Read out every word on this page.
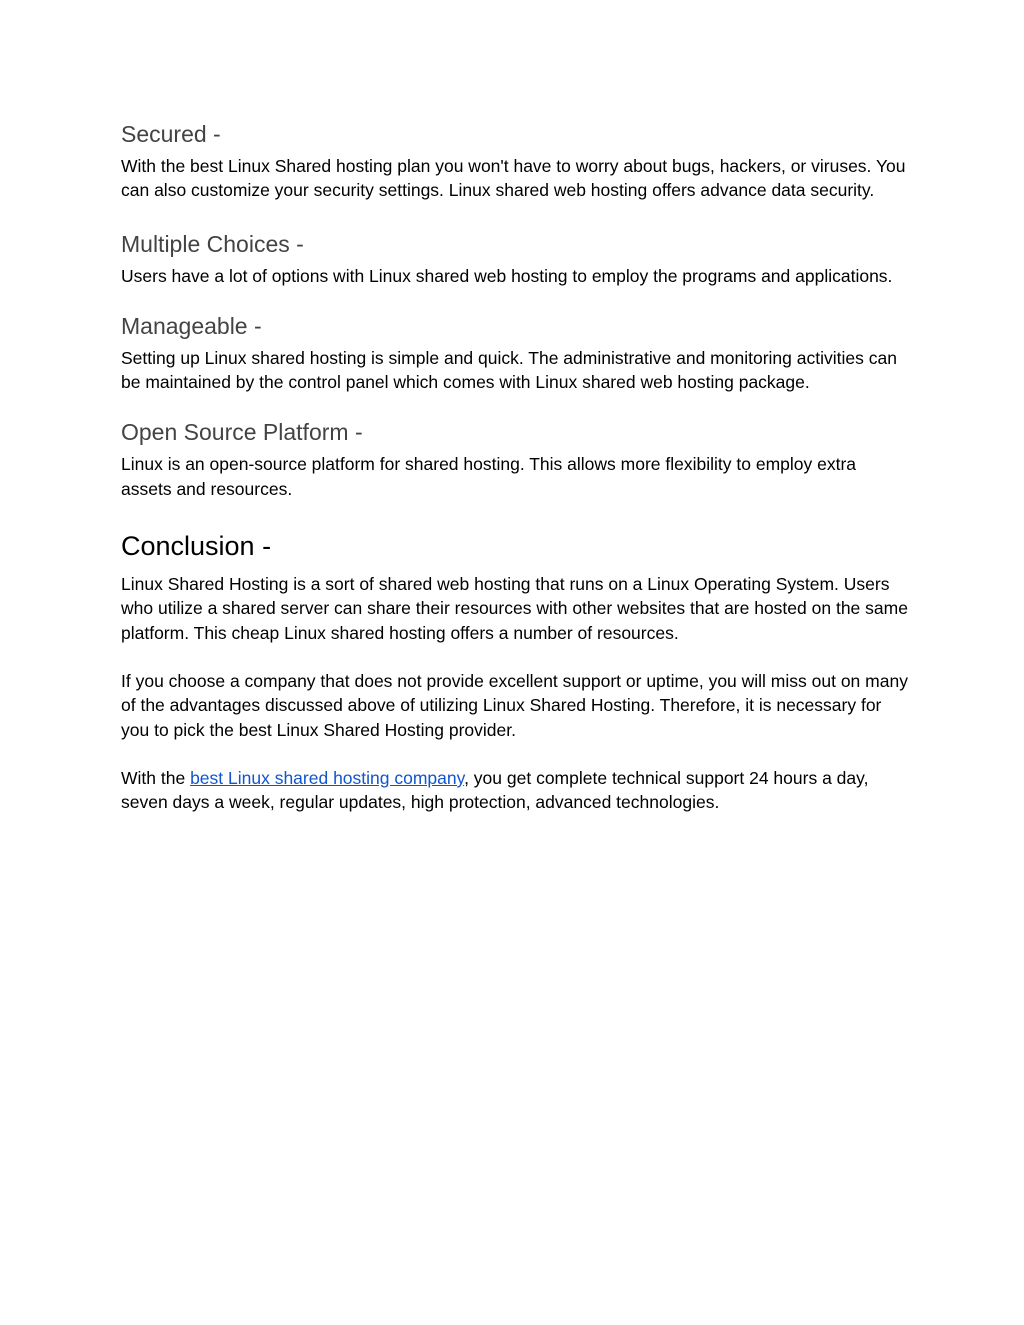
Secured -

With the best Linux Shared hosting plan you won't have to worry about bugs, hackers, or viruses. You can also customize your security settings. Linux shared web hosting offers advance data security.

Multiple Choices -

Users have a lot of options with Linux shared web hosting to employ the programs and applications.

Manageable -

Setting up Linux shared hosting is simple and quick. The administrative and monitoring activities can be maintained by the control panel which comes with Linux shared web hosting package.

Open Source Platform -

Linux is an open-source platform for shared hosting. This allows more flexibility to employ extra assets and resources.

Conclusion -

Linux Shared Hosting is a sort of shared web hosting that runs on a Linux Operating System. Users who utilize a shared server can share their resources with other websites that are hosted on the same platform. This cheap Linux shared hosting offers a number of resources.

If you choose a company that does not provide excellent support or uptime, you will miss out on many of the advantages discussed above of utilizing Linux Shared Hosting. Therefore, it is necessary for you to pick the best Linux Shared Hosting provider.

With the best Linux shared hosting company, you get complete technical support 24 hours a day, seven days a week, regular updates, high protection, advanced technologies.
